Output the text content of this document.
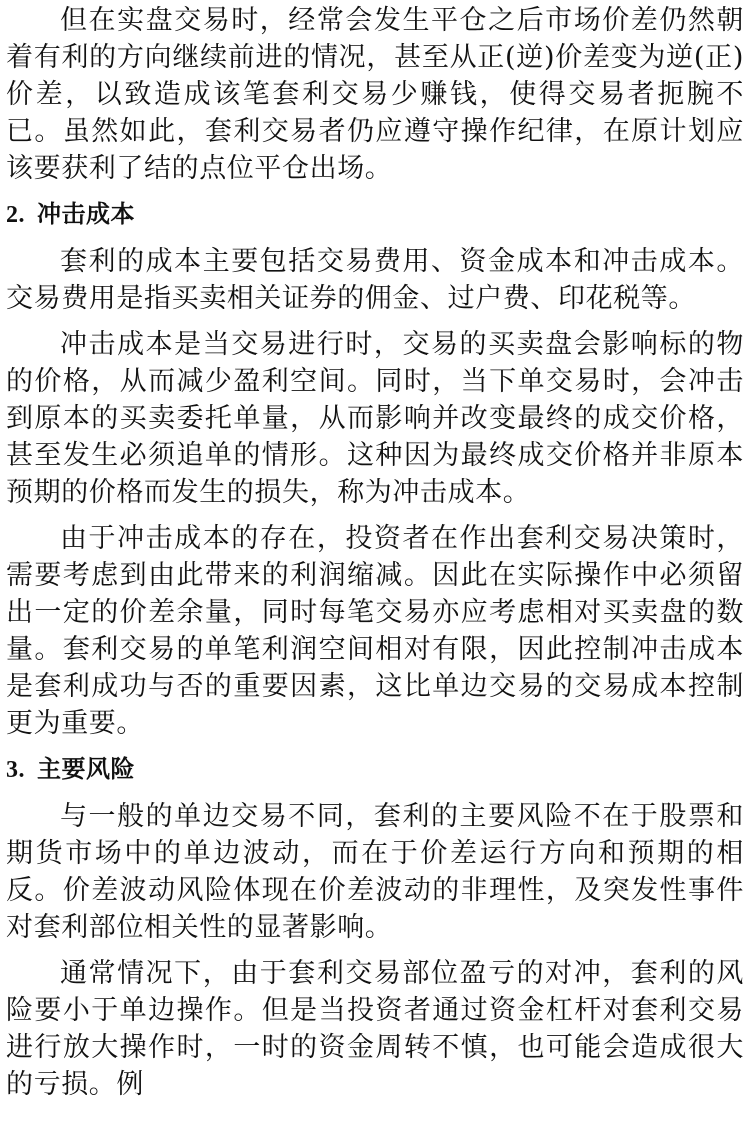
但在实盘交易时，经常会发生平仓之后市场价差仍然朝着有利的方向继续前进的情况，甚至从正(逆)价差变为逆(正)价差，以致造成该笔套利交易少赚钱，使得交易者扼腕不已。虽然如此，套利交易者仍应遵守操作纪律，在原计划应该要获利了结的点位平仓出场。

2. 冲击成本

套利的成本主要包括交易费用、资金成本和冲击成本。交易费用是指买卖相关证券的佣金、过户费、印花税等。

冲击成本是当交易进行时，交易的买卖盘会影响标的物的价格，从而减少盈利空间。同时，当下单交易时，会冲击到原本的买卖委托单量，从而影响并改变最终的成交价格，甚至发生必须追单的情形。这种因为最终成交价格并非原本预期的价格而发生的损失，称为冲击成本。

由于冲击成本的存在，投资者在作出套利交易决策时，需要考虑到由此带来的利润缩减。因此在实际操作中必须留出一定的价差余量，同时每笔交易亦应考虑相对买卖盘的数量。套利交易的单笔利润空间相对有限，因此控制冲击成本是套利成功与否的重要因素，这比单边交易的交易成本控制更为重要。

3. 主要风险

与一般的单边交易不同，套利的主要风险不在于股票和期货市场中的单边波动，而在于价差运行方向和预期的相反。价差波动风险体现在价差波动的非理性，及突发性事件对套利部位相关性的显著影响。

通常情况下，由于套利交易部位盈亏的对冲，套利的风险要小于单边操作。但是当投资者通过资金杠杆对套利交易进行放大操作时，一时的资金周转不慎，也可能会造成很大的亏损。例
